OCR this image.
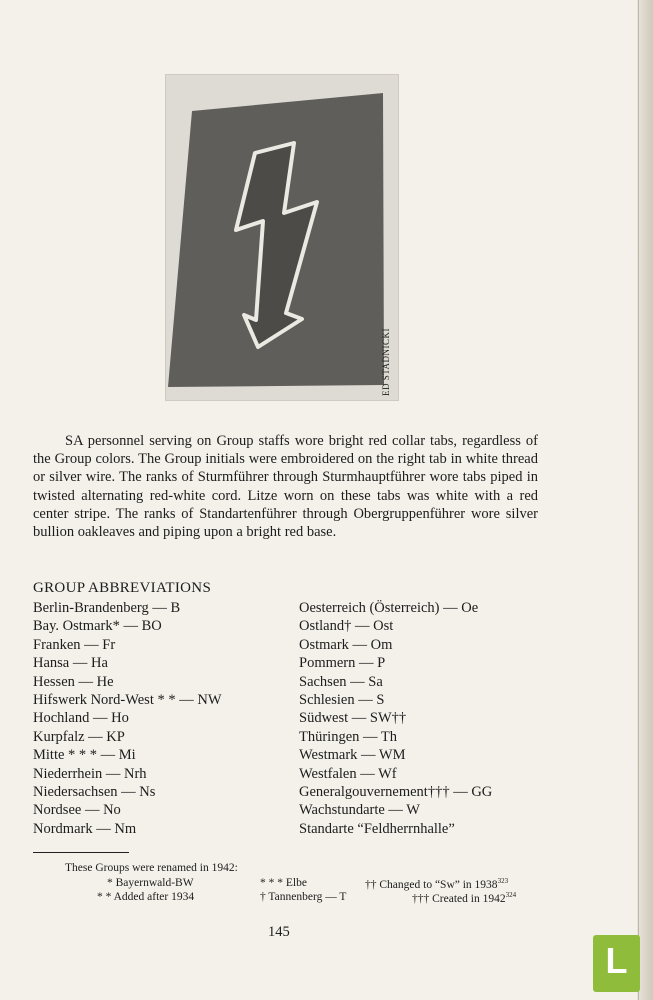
ED STADNICKI

SA personnel serving on Group staffs wore bright red collar tabs, regardless of the Group colors. The Group initials were embroidered on the right tab in white thread or silver wire. The ranks of Sturmführer through Sturmhauptführer wore tabs piped in twisted alternating red-white cord. Litze worn on these tabs was white with a red center stripe. The ranks of Standartenführer through Obergruppenführer wore silver bullion oakleaves and piping upon a bright red base.

GROUP ABBREVIATIONS
Berlin-Brandenberg — B
Bay. Ostmark* — BO
Franken — Fr
Hansa — Ha
Hessen — He
Hifswerk Nord-West * * — NW
Hochland — Ho
Kurpfalz — KP
Mitte * * * — Mi
Niederrhein — Nrh
Niedersachsen — Ns
Nordsee — No
Nordmark — Nm
Oesterreich (Österreich) — Oe
Ostland† — Ost
Ostmark — Om
Pommern — P
Sachsen — Sa
Schlesien — S
Südwest — SW††
Thüringen — Th
Westmark — WM
Westfalen — Wf
Generalgouvernement††† — GG
Wachstundarte — W
Standarte “Feldherrnhalle”
These Groups were renamed in 1942:
* Bayernwald-BW	* * * Elbe	†† Changed to “Sw” in 1938$^{323}$
* * Added after 1934	† Tannenberg — T	††† Created in 1942$^{324}$
145
L
